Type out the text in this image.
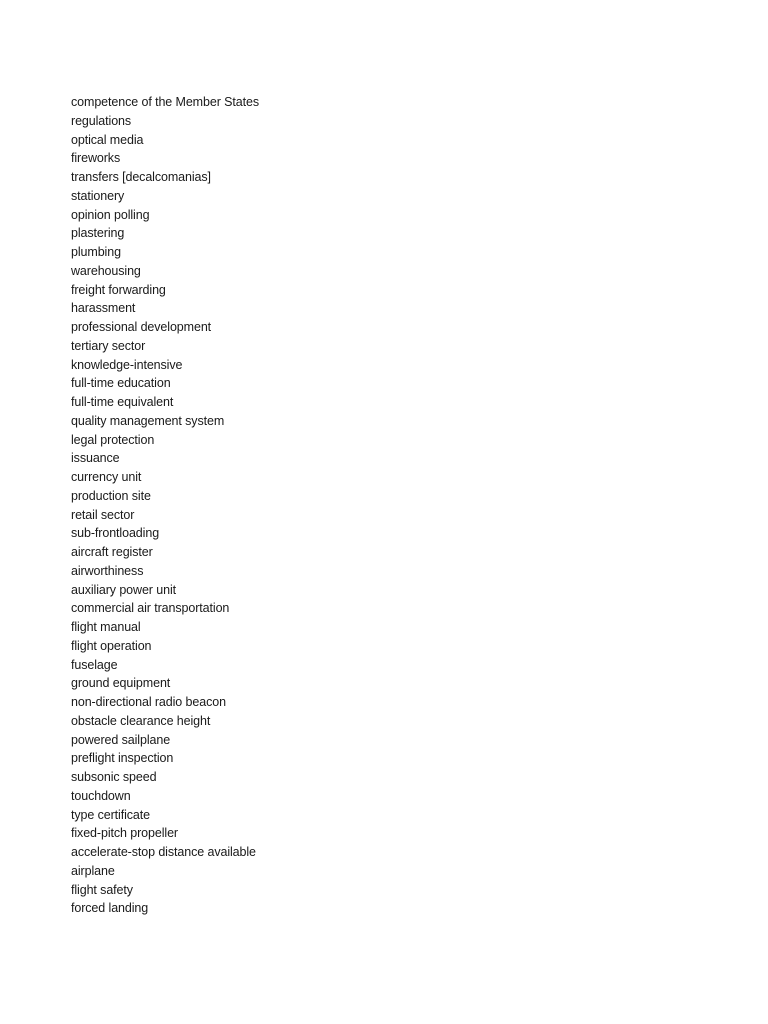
competence of the Member States
regulations
optical media
fireworks
transfers [decalcomanias]
stationery
opinion polling
plastering
plumbing
warehousing
freight forwarding
harassment
professional development
tertiary sector
knowledge-intensive
full-time education
full-time equivalent
quality management system
legal protection
issuance
currency unit
production site
retail sector
sub-frontloading
aircraft register
airworthiness
auxiliary power unit
commercial air transportation
flight manual
flight operation
fuselage
ground equipment
non-directional radio beacon
obstacle clearance height
powered sailplane
preflight inspection
subsonic speed
touchdown
type certificate
fixed-pitch propeller
accelerate-stop distance available
airplane
flight safety
forced landing
